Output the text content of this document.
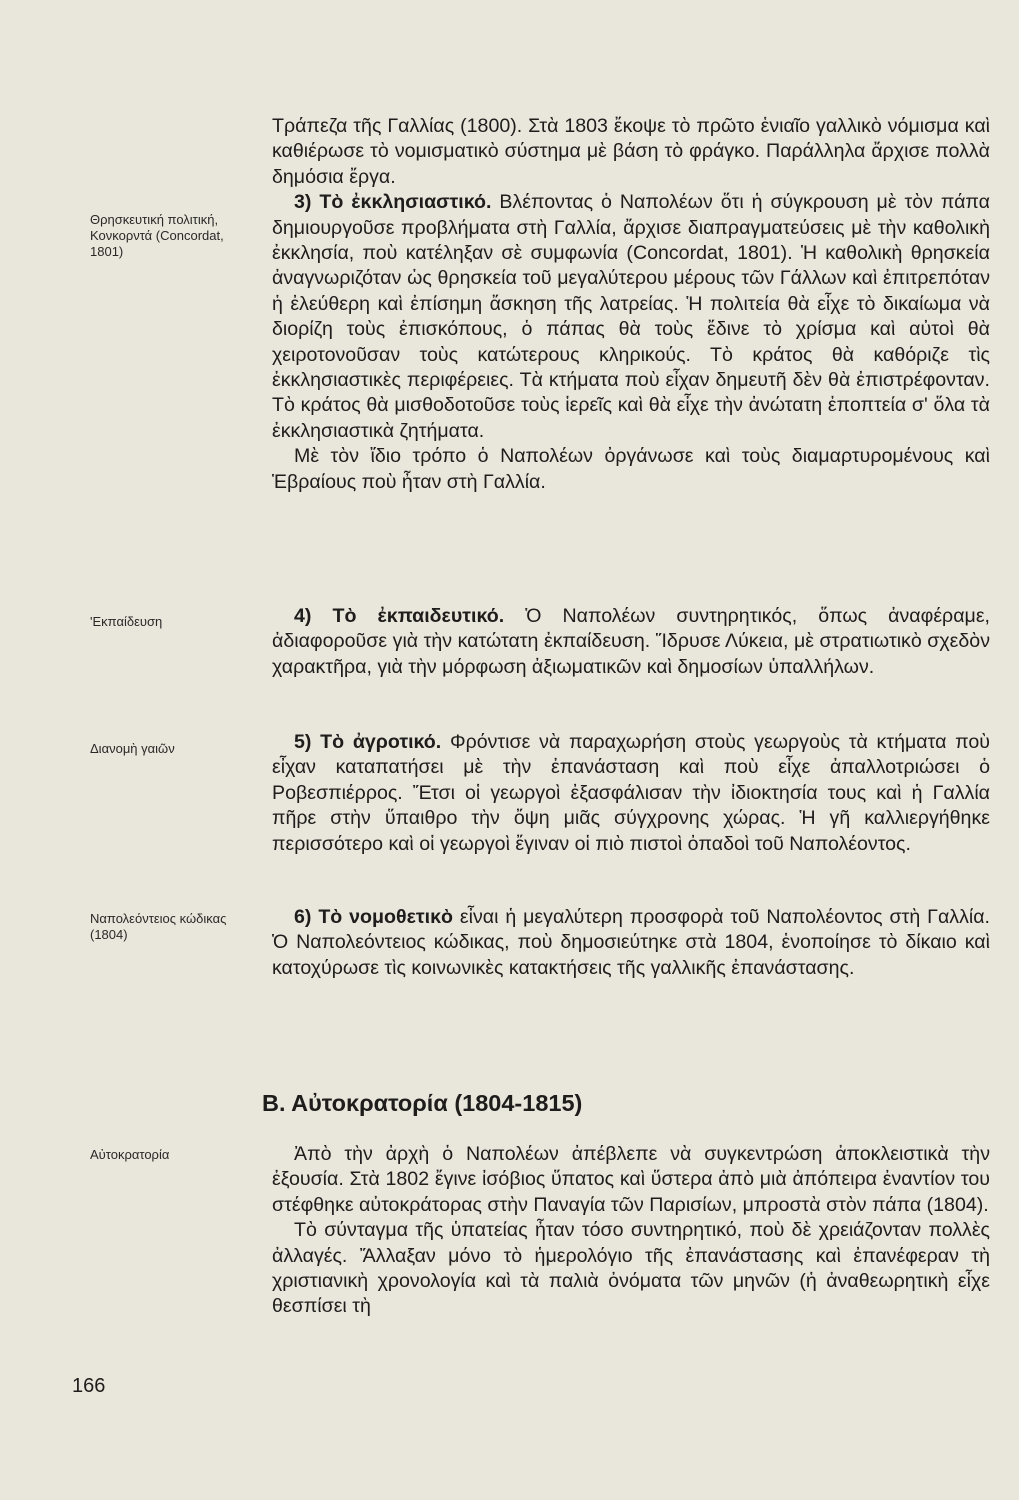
Θρησκευτική πολιτική, Κονκορντά (Concordat, 1801)
'Εκπαίδευση
Διανομὴ γαιῶν
Ναπολεόντειος κώδικας (1804)
Αὐτοκρατορία

Τράπεζα τῆς Γαλλίας (1800). Στὰ 1803 ἔκοψε τὸ πρῶτο ἑνιαῖο γαλλικὸ νόμισμα καὶ καθιέρωσε τὸ νομισματικὸ σύστημα μὲ βάση τὸ φράγκο. Παράλληλα ἄρχισε πολλὰ δημόσια ἔργα.

3) Τὸ ἐκκλησιαστικό. Βλέποντας ὁ Ναπολέων ὅτι ἡ σύγκρουση μὲ τὸν πάπα δημιουργοῦσε προβλήματα στὴ Γαλλία, ἄρχισε διαπραγματεύσεις μὲ τὴν καθολικὴ ἐκκλησία, ποὺ κατέληξαν σὲ συμφωνία (Concordat, 1801). Ἡ καθολικὴ θρησκεία ἀναγνωριζόταν ὡς θρησκεία τοῦ μεγαλύτερου μέρους τῶν Γάλλων καὶ ἐπιτρεπόταν ἡ ἐλεύθερη καὶ ἐπίσημη ἄσκηση τῆς λατρείας. Ἡ πολιτεία θὰ εἶχε τὸ δικαίωμα νὰ διορίζη τοὺς ἐπισκόπους, ὁ πάπας θὰ τοὺς ἔδινε τὸ χρίσμα καὶ αὐτοὶ θὰ χειροτονοῦσαν τοὺς κατώτερους κληρικούς. Τὸ κράτος θὰ καθόριζε τὶς ἐκκλησιαστικὲς περιφέρειες. Τὰ κτήματα ποὺ εἶχαν δημευτῆ δὲν θὰ ἐπιστρέφονταν. Τὸ κράτος θὰ μισθοδοτοῦσε τοὺς ἱερεῖς καὶ θὰ εἶχε τὴν ἀνώτατη ἐποπτεία σ' ὅλα τὰ ἐκκλησιαστικὰ ζητήματα.

Μὲ τὸν ἴδιο τρόπο ὁ Ναπολέων ὀργάνωσε καὶ τοὺς διαμαρτυρομένους καὶ Ἑβραίους ποὺ ἦταν στὴ Γαλλία.

4) Τὸ ἐκπαιδευτικό. Ὁ Ναπολέων συντηρητικός, ὅπως ἀναφέραμε, ἀδιαφοροῦσε γιὰ τὴν κατώτατη ἐκπαίδευση. Ἵδρυσε Λύκεια, μὲ στρατιωτικὸ σχεδὸν χαρακτῆρα, γιὰ τὴν μόρφωση ἀξιωματικῶν καὶ δημοσίων ὑπαλλήλων.

5) Τὸ ἀγροτικό. Φρόντισε νὰ παραχωρήση στοὺς γεωργοὺς τὰ κτήματα ποὺ εἶχαν καταπατήσει μὲ τὴν ἐπανάσταση καὶ ποὺ εἶχε ἀπαλλοτριώσει ὁ Ροβεσπιέρρος. Ἔτσι οἱ γεωργοὶ ἐξασφάλισαν τὴν ἰδιοκτησία τους καὶ ἡ Γαλλία πῆρε στὴν ὕπαιθρο τὴν ὄψη μιᾶς σύγχρονης χώρας. Ἡ γῆ καλλιεργήθηκε περισσότερο καὶ οἱ γεωργοὶ ἔγιναν οἱ πιὸ πιστοὶ ὀπαδοὶ τοῦ Ναπολέοντος.

6) Τὸ νομοθετικὸ εἶναι ἡ μεγαλύτερη προσφορὰ τοῦ Ναπολέοντος στὴ Γαλλία. Ὁ Ναπολεόντειος κώδικας, ποὺ δημοσιεύτηκε στὰ 1804, ἑνοποίησε τὸ δίκαιο καὶ κατοχύρωσε τὶς κοινωνικὲς κατακτήσεις τῆς γαλλικῆς ἐπανάστασης.

Β. Αὐτοκρατορία (1804-1815)

Ἀπὸ τὴν ἀρχὴ ὁ Ναπολέων ἀπέβλεπε νὰ συγκεντρώση ἀποκλειστικὰ τὴν ἐξουσία. Στὰ 1802 ἔγινε ἰσόβιος ὕπατος καὶ ὕστερα ἀπὸ μιὰ ἀπόπειρα ἐναντίον του στέφθηκε αὐτοκράτορας στὴν Παναγία τῶν Παρισίων, μπροστὰ στὸν πάπα (1804).

Τὸ σύνταγμα τῆς ὑπατείας ἦταν τόσο συντηρητικό, ποὺ δὲ χρειάζονταν πολλὲς ἀλλαγές. Ἄλλαξαν μόνο τὸ ἡμερολόγιο τῆς ἐπανάστασης καὶ ἐπανέφεραν τὴ χριστιανικὴ χρονολογία καὶ τὰ παλιὰ ὀνόματα τῶν μηνῶν (ἡ ἀναθεωρητικὴ εἶχε θεσπίσει τὴ

166
